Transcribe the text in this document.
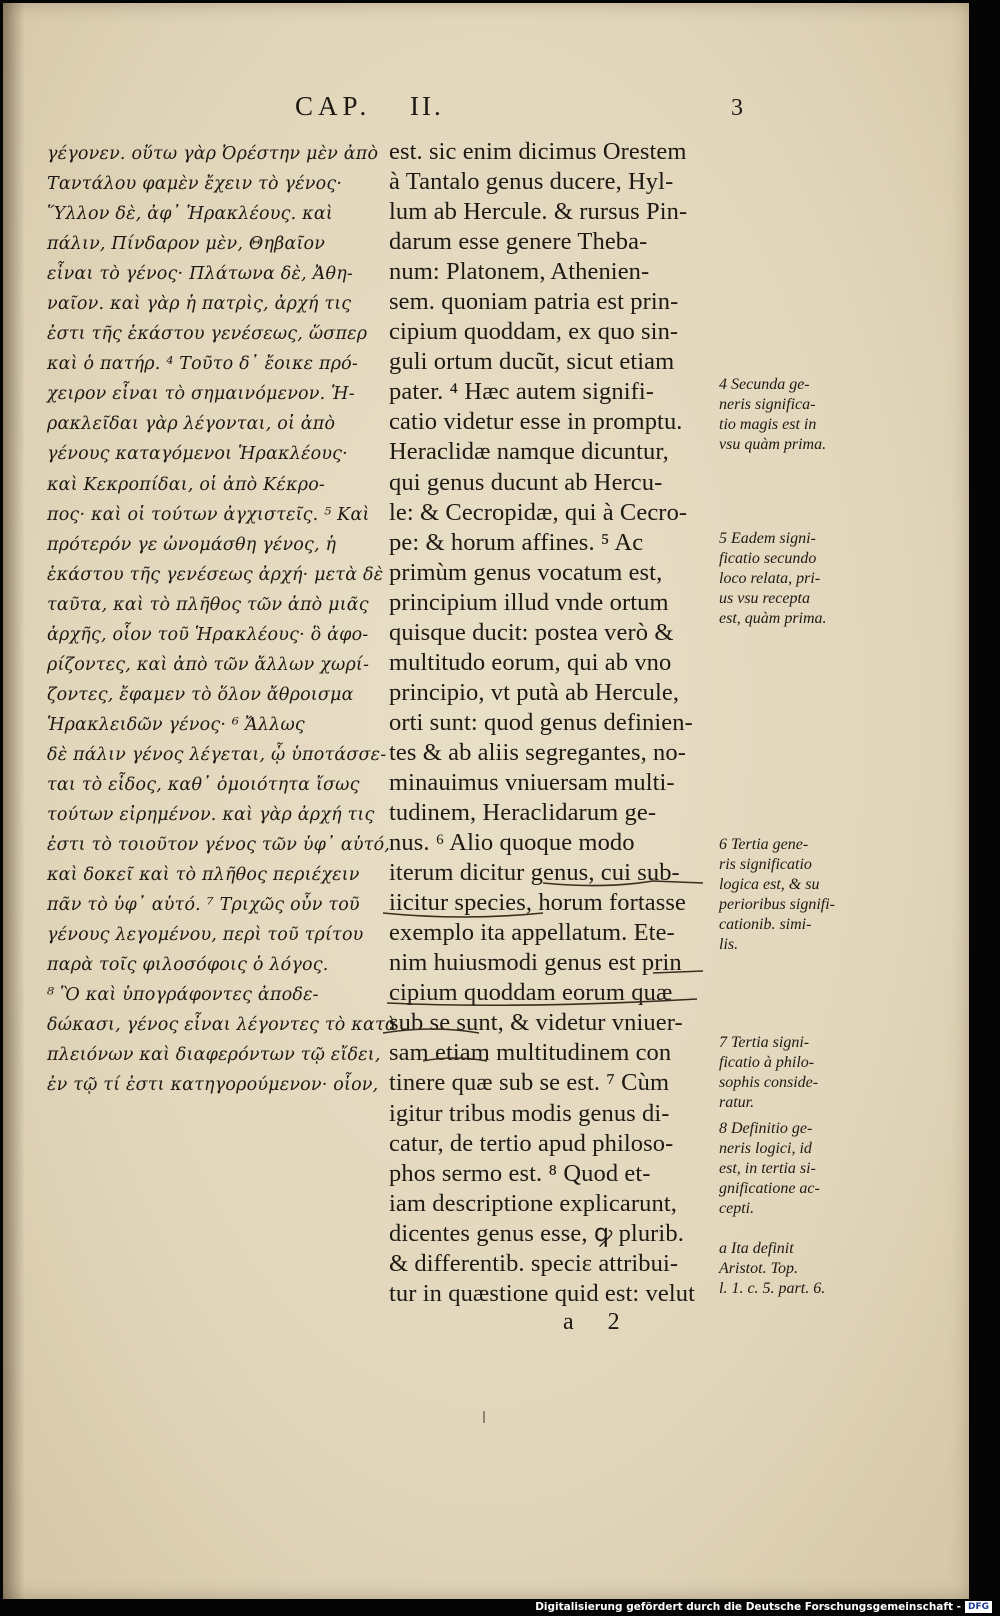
CAP. II.	3
γέγονεν. οὕτω γὰρ Ὀρέστην μὲν ἀπὸ
Ταντάλου φαμὲν ἔχειν τὸ γένος·
Ὕλλον δὲ, ἀφ᾽ Ἡρακλέους. καὶ
πάλιν, Πίνδαρον μὲν, Θηβαῖον
εἶναι τὸ γένος· Πλάτωνα δὲ, Ἀθη-
ναῖον. καὶ γὰρ ἡ πατρὶς, ἀρχή τις
ἐστι τῆς ἑκάστου γενέσεως, ὥσπερ
καὶ ὁ πατήρ. ⁴ Τοῦτο δ᾽ ἔοικε πρό-
χειρον εἶναι τὸ σημαινόμενον. Ἡ-
ρακλεῖδαι γὰρ λέγονται, οἱ ἀπὸ
γένους καταγόμενοι Ἡρακλέους·
καὶ Κεκροπίδαι, οἱ ἀπὸ Κέκρο-
πος· καὶ οἱ τούτων ἀγχιστεῖς. ⁵ Καὶ
πρότερόν γε ὠνομάσθη γένος, ἡ
ἑκάστου τῆς γενέσεως ἀρχή· μετὰ δὲ
ταῦτα, καὶ τὸ πλῆθος τῶν ἀπὸ μιᾶς
ἀρχῆς, οἷον τοῦ Ἡρακλέους· ὃ ἀφο-
ρίζοντες, καὶ ἀπὸ τῶν ἄλλων χωρί-
ζοντες, ἔφαμεν τὸ ὅλον ἄθροισμα
Ἡρακλειδῶν γένος· ⁶ Ἄλλως
δὲ πάλιν γένος λέγεται, ᾧ ὑποτάσσε-
ται τὸ εἶδος, καθ᾽ ὁμοιότητα ἴσως
τούτων εἰρημένον. καὶ γὰρ ἀρχή τις
ἐστι τὸ τοιοῦτον γένος τῶν ὑφ᾽ αὑτό,
καὶ δοκεῖ καὶ τὸ πλῆθος περιέχειν
πᾶν τὸ ὑφ᾽ αὑτό. ⁷ Τριχῶς οὖν τοῦ
γένους λεγομένου, περὶ τοῦ τρίτου
παρὰ τοῖς φιλοσόφοις ὁ λόγος.
⁸ Ὃ καὶ ὑπογράφοντες ἀποδε-
δώκασι, γένος εἶναι λέγοντες τὸ κατὰ
πλειόνων καὶ διαφερόντων τῷ εἴδει,
ἐν τῷ τί ἐστι κατηγορούμενον· οἷον,
est. sic enim dicimus Orestem
à Tantalo genus ducere, Hyl-
lum ab Hercule. & rursus Pin-
darum esse genere Theba-
num: Platonem, Athenien-
sem. quoniam patria est prin-
cipium quoddam, ex quo sin-
guli ortum ducũt, sicut etiam
pater. ⁴ Hæc autem signifi-
catio videtur esse in promptu.
Heraclidæ namque dicuntur,
qui genus ducunt ab Hercu-
le: & Cecropidæ, qui à Cecro-
pe: & horum affines. ⁵ Ac
primùm genus vocatum est,
principium illud vnde ortum
quisque ducit: postea verò &
multitudo eorum, qui ab vno
principio, vt putà ab Hercule,
orti sunt: quod genus definien-
tes & ab aliis segregantes, no-
minauimus vniuersam multi-
tudinem, Heraclidarum ge-
nus. ⁶ Alio quoque modo
iterum dicitur genus, cui sub-
iicitur species, horum fortasse
exemplo ita appellatum. Ete-
nim huiusmodi genus est prin
cipium quoddam eorum quæ
sub se sunt, & videtur vniuer-
sam etiam multitudinem con
tinere quæ sub se est. ⁷ Cùm
igitur tribus modis genus di-
catur, de tertio apud philoso-
phos sermo est. ⁸ Quod et-
iam descriptione explicarunt,
dicentes genus esse, ꝙ plurib.
& differentib. speciε attribui-
tur in quæstione quid est: velut
4 Secunda ge-
neris significa-
tio magis est in
vsu quàm prima.
5 Eadem signi-
ficatio secundo
loco relata, pri-
us vsu recepta
est, quàm prima.
6 Tertia gene-
ris significatio
logica est, & su
perioribus signifi-
cationib. simi-
lis.
7 Tertia signi-
ficatio à philo-
sophis conside-
ratur.
8 Definitio ge-
neris logici, id
est, in tertia si-
gnificatione ac-
cepti.
a Ita definit
Aristot. Top.
l. 1. c. 5. part. 6.
a 2
Digitalisierung gefördert durch die Deutsche Forschungsgemeinschaft - DFG
